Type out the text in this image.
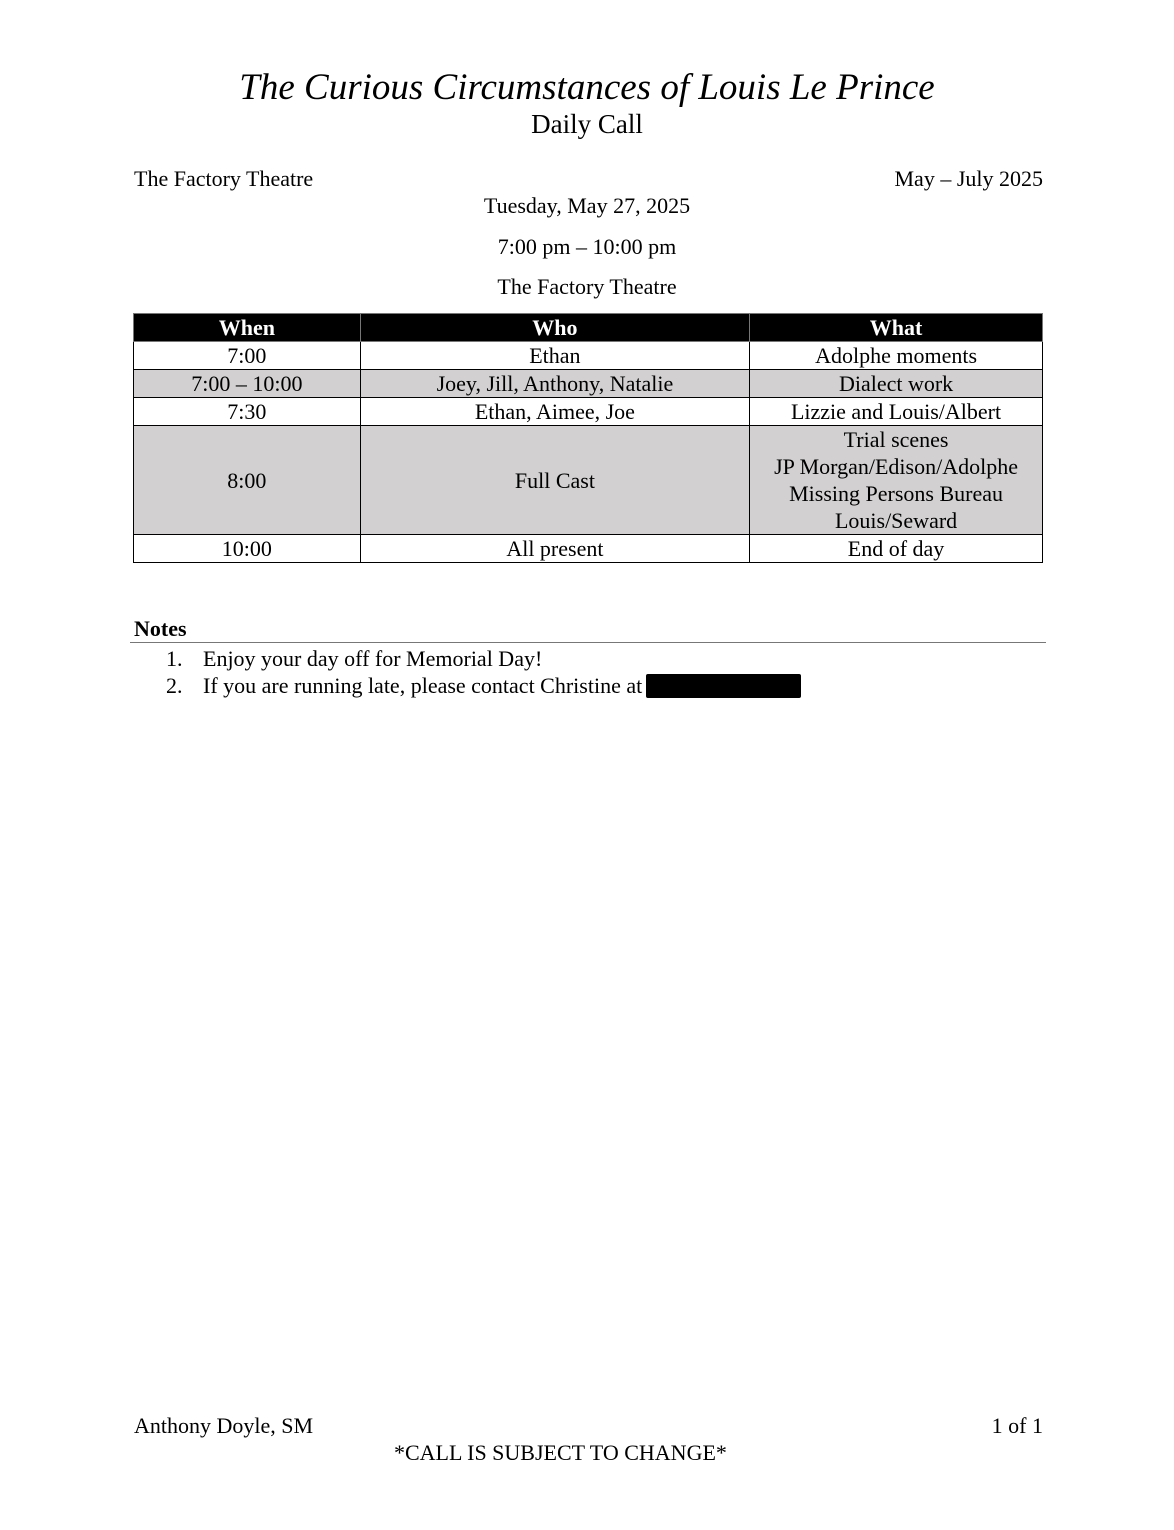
The Curious Circumstances of Louis Le Prince
Daily Call
The Factory Theatre	May – July 2025
Tuesday, May 27, 2025
7:00 pm – 10:00 pm
The Factory Theatre
When	Who	What
7:00	Ethan	Adolphe moments

7:00 – 10:00	Joey, Jill, Anthony, Natalie	Dialect work

7:30	Ethan, Aimee, Joe	Lizzie and Louis/Albert

8:00	Full Cast	Trial scenes
JP Morgan/Edison/Adolphe
Missing Persons Bureau
Louis/Seward

10:00	All present	End of day
Notes
1. Enjoy your day off for Memorial Day!
2. If you are running late, please contact Christine at
Anthony Doyle, SM	1 of 1
*CALL IS SUBJECT TO CHANGE*
